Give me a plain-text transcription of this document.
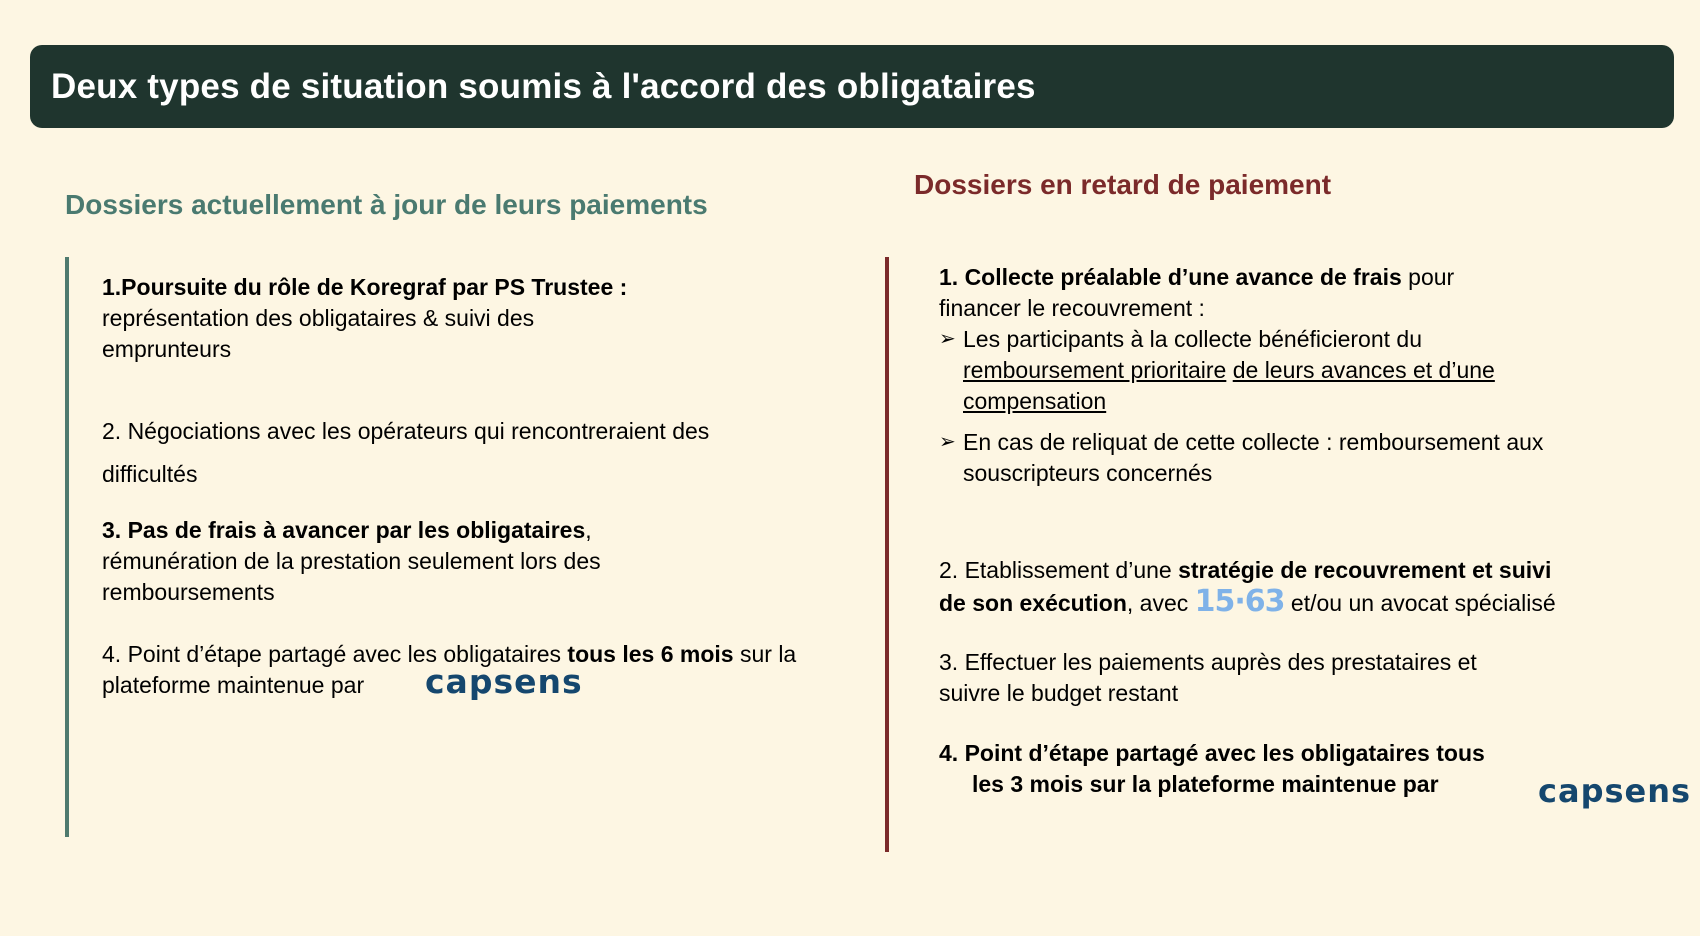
Deux types de situation soumis à l'accord des obligataires
Dossiers actuellement à jour de leurs paiements
Dossiers en retard de paiement

1.Poursuite du rôle de Koregraf par PS Trustee :

représentation des obligataires & suivi des

emprunteurs

2. Négociations avec les opérateurs qui rencontreraient des

difficultés

3. Pas de frais à avancer par les obligataires,

rémunération de la prestation seulement lors des

remboursements

4. Point d’étape partagé avec les obligataires tous les 6 mois sur la

plateforme maintenue par	capsens

1. Collecte préalable d’une avance de frais pour

financer le recouvrement :

➢ Les participants à la collecte bénéficieront du

remboursement prioritaire de leurs avances et d’une

compensation

➢ En cas de reliquat de cette collecte : remboursement aux

souscripteurs concernés

2. Etablissement d’une stratégie de recouvrement et suivi

de son exécution, avec 15·63 et/ou un avocat spécialisé

3. Effectuer les paiements auprès des prestataires et

suivre le budget restant

4. Point d’étape partagé avec les obligataires tous

les 3 mois sur la plateforme maintenue par	capsens
